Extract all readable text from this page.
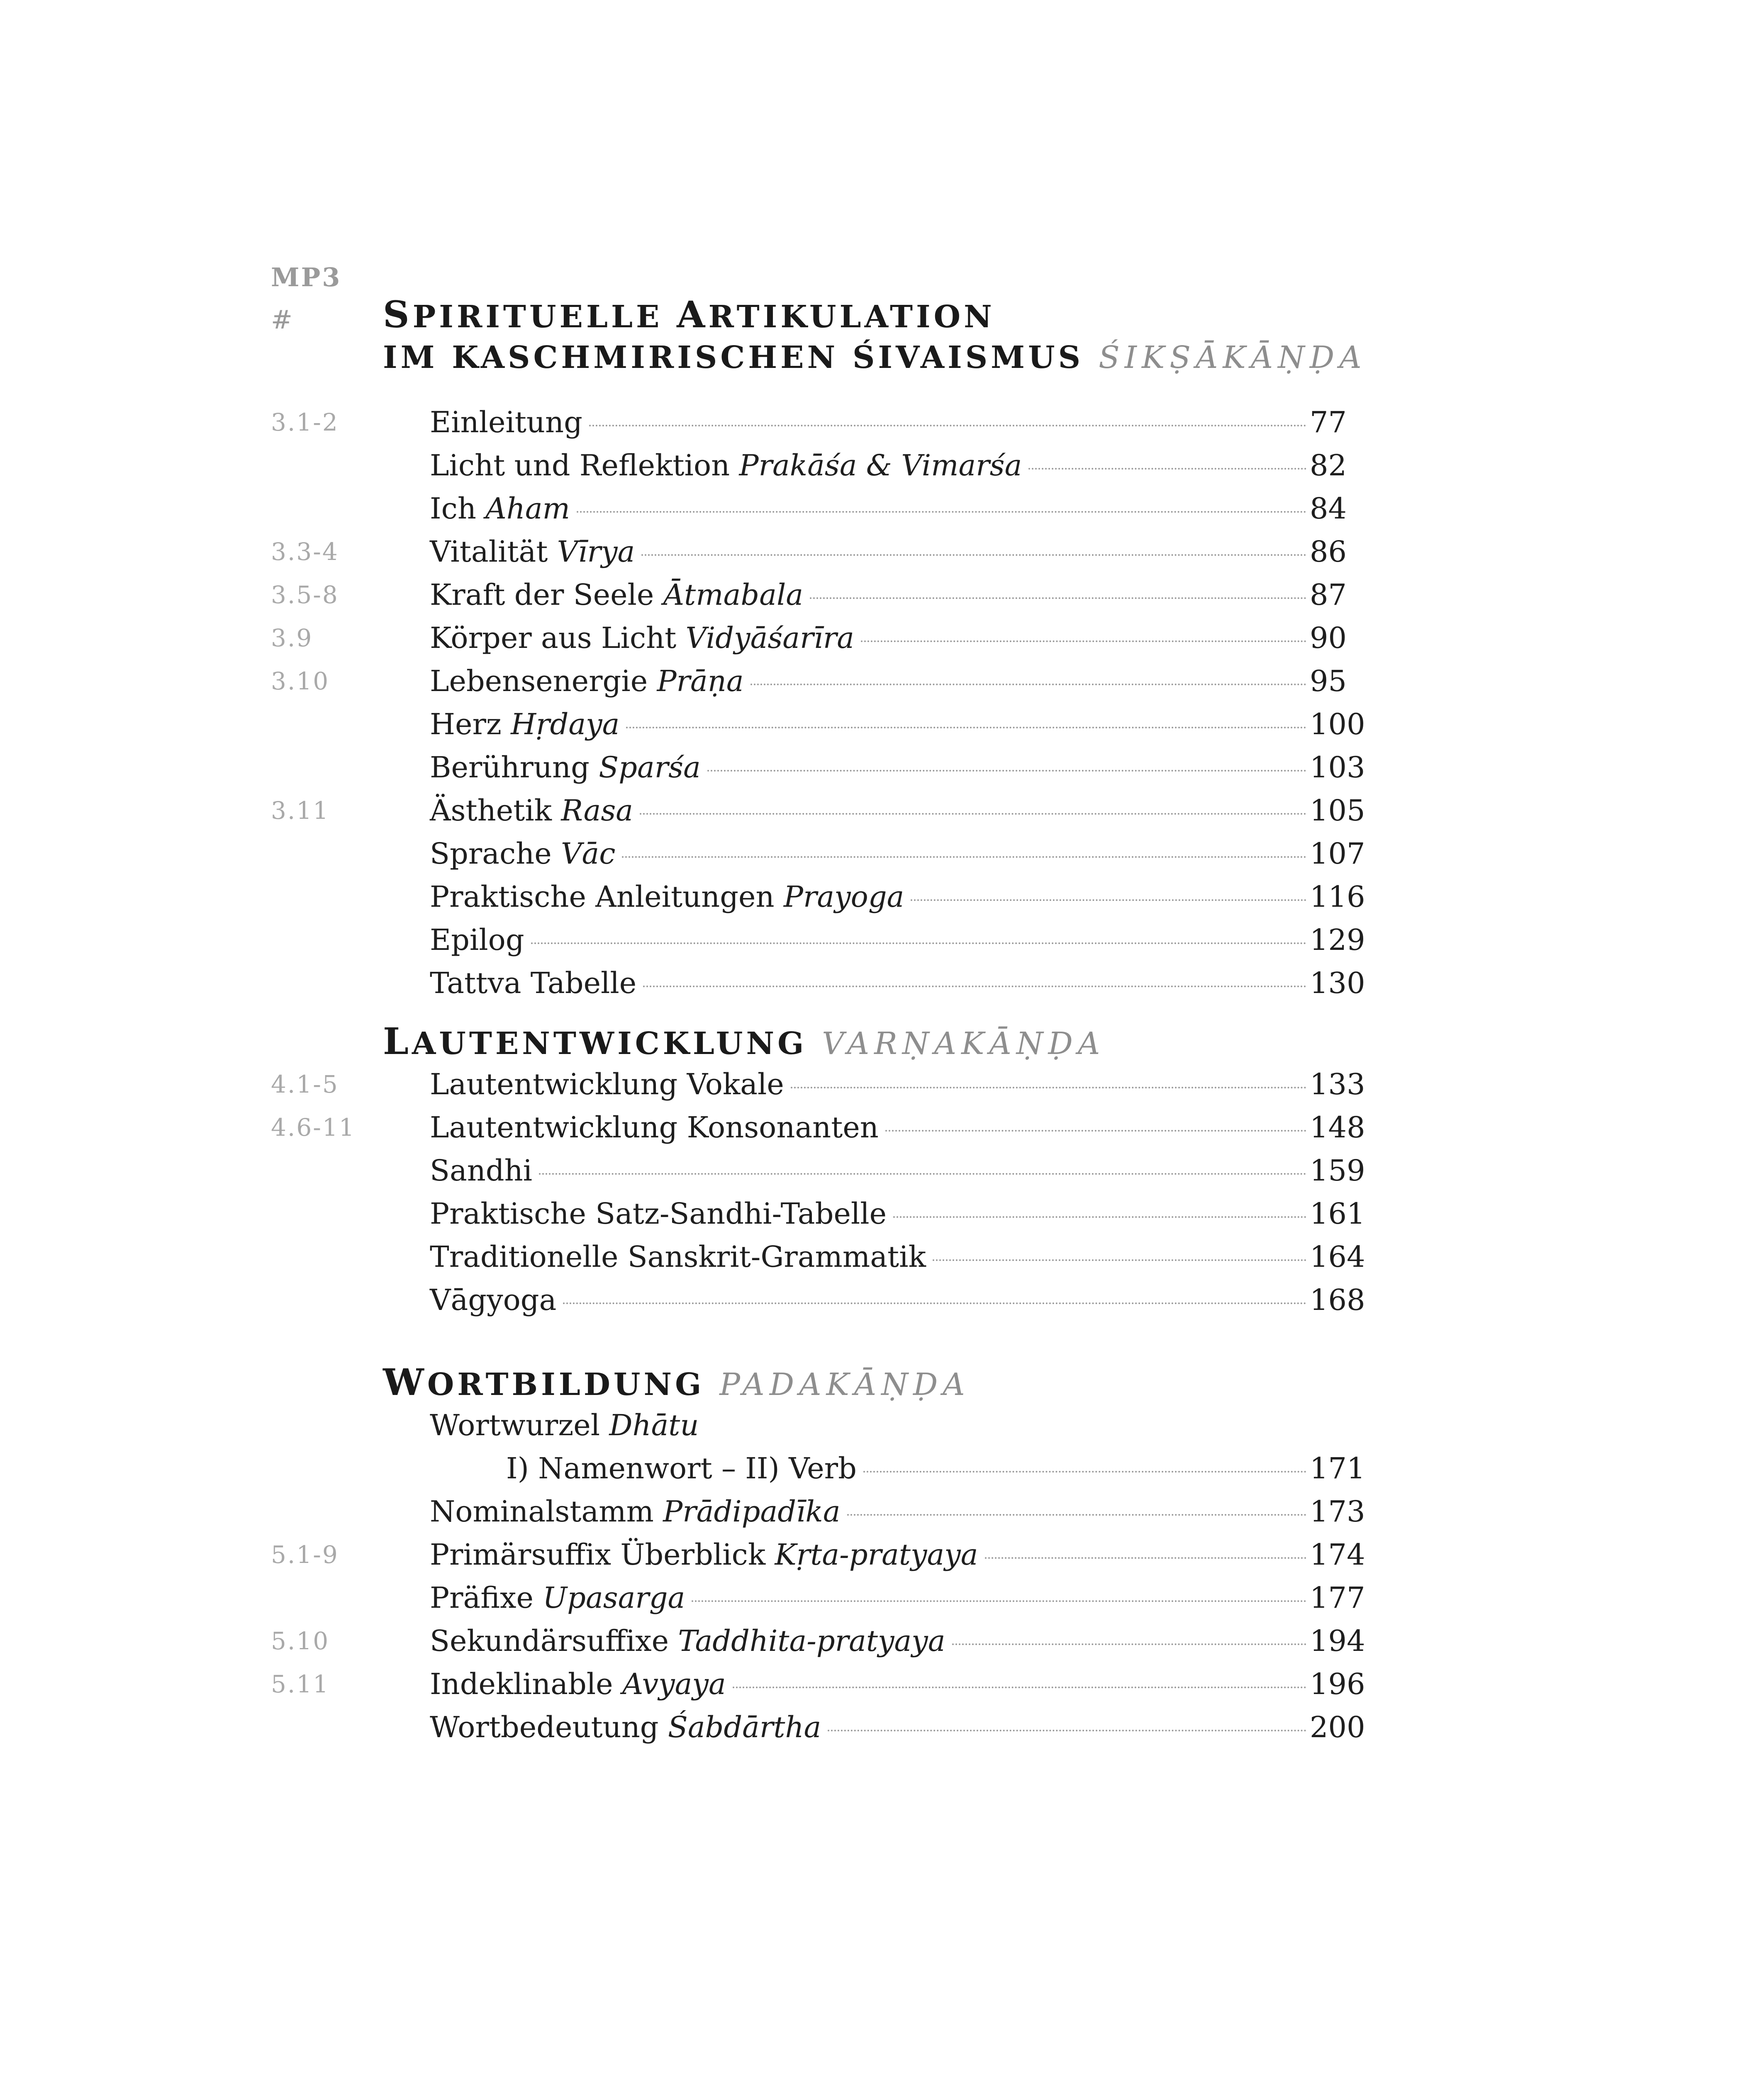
MP3
# SPIRITUELLE ARTIKULATION
IM KASCHMIRISCHEN ŚIVAISMUS ŚIKṢĀKĀṆḌA
3.1-2	Einleitung	77
Licht und Reflektion Prakāśa & Vimarśa	82
Ich Aham	84
3.3-4	Vitalität Vīrya	86
3.5-8	Kraft der Seele Ātmabala	87
3.9	Körper aus Licht Vidyāśarīra	90
3.10	Lebensenergie Prāṇa	95
Herz Hṛdaya	100
Berührung Sparśa	103
3.11	Ästhetik Rasa	105
Sprache Vāc	107
Praktische Anleitungen Prayoga	116
Epilog	129
Tattva Tabelle	130
LAUTENTWICKLUNG VARṆAKĀṆḌA
4.1-5	Lautentwicklung Vokale	133
4.6-11	Lautentwicklung Konsonanten	148
Sandhi	159
Praktische Satz-Sandhi-Tabelle	161
Traditionelle Sanskrit-Grammatik	164
Vāgyoga	168
WORTBILDUNG PADAKĀṆḌA
Wortwurzel Dhātu
I) Namenwort – II) Verb	171
Nominalstamm Prādipadīka	173
5.1-9	Primärsuffix Überblick Kṛta-pratyaya	174
Präfixe Upasarga	177
5.10	Sekundärsuffixe Taddhita-pratyaya	194
5.11	Indeklinable Avyaya	196
Wortbedeutung Śabdārtha	200
